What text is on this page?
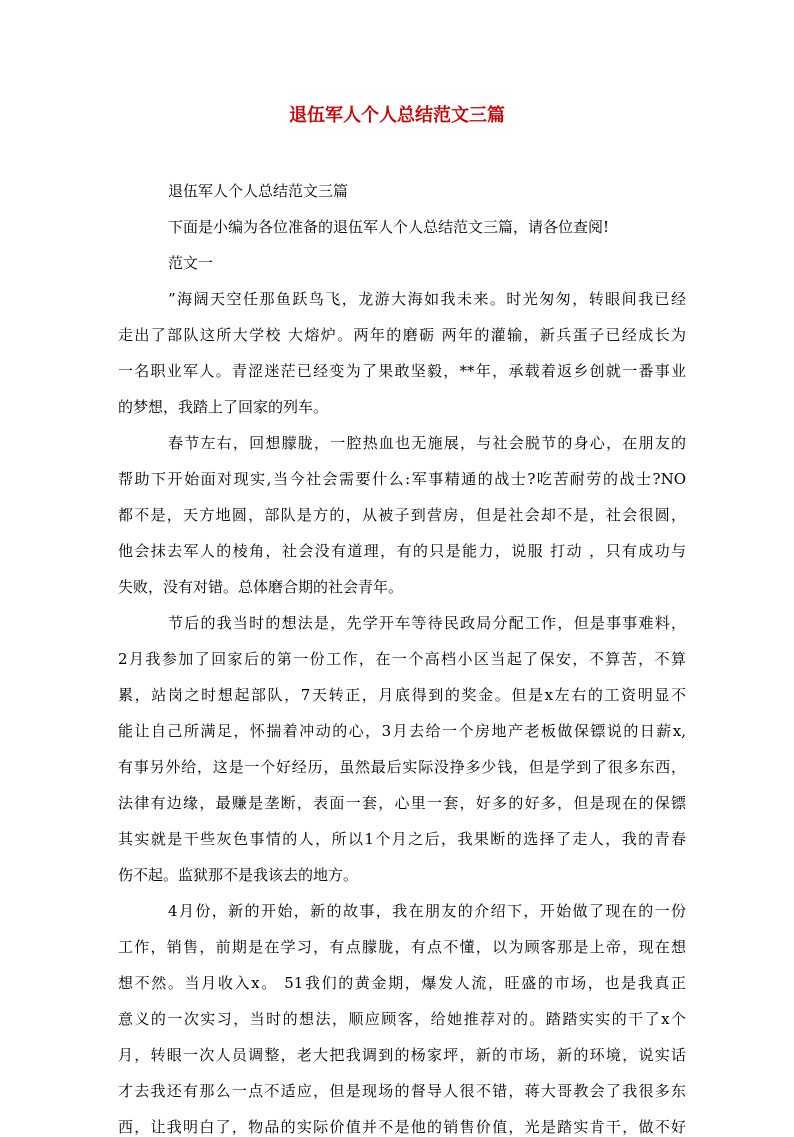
退伍军人个人总结范文三篇
退伍军人个人总结范文三篇
下面是小编为各位准备的退伍军人个人总结范文三篇，请各位查阅!
范文一
”海阔天空任那鱼跃鸟飞，龙游大海如我未来。时光匆匆，转眼间我已经
走出了部队这所大学校 大熔炉。两年的磨砺 两年的灌输，新兵蛋子已经成长为
一名职业军人。青涩迷茫已经变为了果敢坚毅，**年，承载着返乡创就一番事业
的梦想，我踏上了回家的列车。
春节左右，回想朦胧，一腔热血也无施展，与社会脱节的身心，在朋友的
帮助下开始面对现实,当今社会需要什么:军事精通的战士?吃苦耐劳的战士?NO
都不是，天方地圆，部队是方的，从被子到营房，但是社会却不是，社会很圆，
他会抹去军人的棱角，社会没有道理，有的只是能力，说服 打动 ，只有成功与
失败，没有对错。总体磨合期的社会青年。
节后的我当时的想法是，先学开车等待民政局分配工作，但是事事难料，
2月我参加了回家后的第一份工作，在一个高档小区当起了保安，不算苦，不算
累，站岗之时想起部队，7天转正，月底得到的奖金。但是x左右的工资明显不
能让自己所满足，怀揣着冲动的心，3月去给一个房地产老板做保镖说的日薪x,
有事另外给，这是一个好经历，虽然最后实际没挣多少钱，但是学到了很多东西，
法律有边缘，最赚是垄断，表面一套，心里一套，好多的好多，但是现在的保镖
其实就是干些灰色事情的人，所以1个月之后，我果断的选择了走人，我的青春
伤不起。监狱那不是我该去的地方。
4月份，新的开始，新的故事，我在朋友的介绍下，开始做了现在的一份
工作，销售，前期是在学习，有点朦胧，有点不懂，以为顾客那是上帝，现在想
想不然。当月收入x。 51我们的黄金期，爆发人流，旺盛的市场，也是我真正
意义的一次实习，当时的想法，顺应顾客，给她推荐对的。踏踏实实的干了x个
月，转眼一次人员调整，老大把我调到的杨家坪，新的市场，新的环境，说实话
才去我还有那么一点不适应，但是现场的督导人很不错，蒋大哥教会了我很多东
西，让我明白了，物品的实际价值并不是他的销售价值，光是踏实肯干，做不好
